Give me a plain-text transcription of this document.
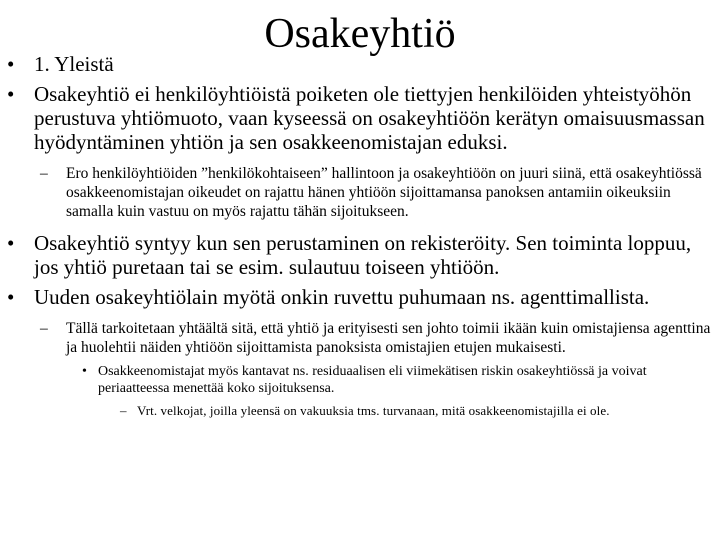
Osakeyhtiö

• 1. Yleistä

• Osakeyhtiö ei henkilöyhtiöistä poiketen ole tiettyjen henkilöiden yhteistyöhön perustuva yhtiömuoto, vaan kyseessä on osakeyhtiöön kerätyn omaisuusmassan hyödyntäminen yhtiön ja sen osakkeenomistajan eduksi.

– Ero henkilöyhtiöiden ”henkilökohtaiseen” hallintoon ja osakeyhtiöön on juuri siinä, että osakeyhtiössä osakkeenomistajan oikeudet on rajattu hänen yhtiöön sijoittamansa panoksen antamiin oikeuksiin samalla kuin vastuu on myös rajattu tähän sijoitukseen.

• Osakeyhtiö syntyy kun sen perustaminen on rekisteröity. Sen toiminta loppuu, jos yhtiö puretaan tai se esim. sulautuu toiseen yhtiöön.

• Uuden osakeyhtiölain myötä onkin ruvettu puhumaan ns. agenttimallista.

– Tällä tarkoitetaan yhtäältä sitä, että yhtiö ja erityisesti sen johto toimii ikään kuin omistajiensa agenttina ja huolehtii näiden yhtiöön sijoittamista panoksista omistajien etujen mukaisesti.

• Osakkeenomistajat myös kantavat ns. residuaalisen eli viimekätisen riskin osakeyhtiössä ja voivat periaatteessa menettää koko sijoituksensa.

– Vrt. velkojat, joilla yleensä on vakuuksia tms. turvanaan, mitä osakkeenomistajilla ei ole.
